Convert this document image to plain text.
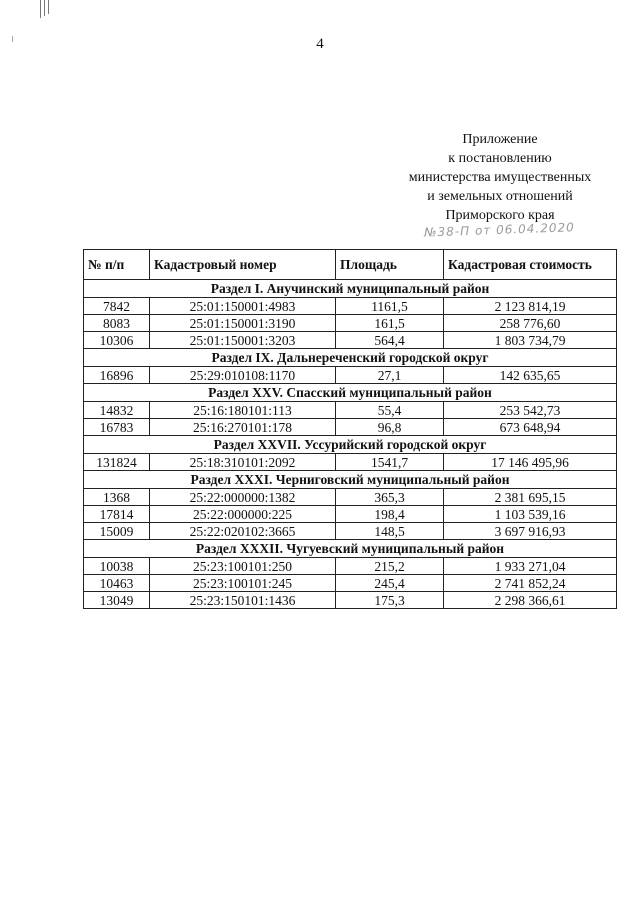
4
Приложение
к постановлению
министерства имущественных
и земельных отношений
Приморского края
№38-П от 06.04.2020
№ п/п	Кадастровый номер	Площадь	Кадастровая стоимость
Раздел I. Анучинский муниципальный район			
7842	25:01:150001:4983	1161,5	2 123 814,19
8083	25:01:150001:3190	161,5	258 776,60
10306	25:01:150001:3203	564,4	1 803 734,79
Раздел IX. Дальнереченский городской округ			
16896	25:29:010108:1170	27,1	142 635,65
Раздел XXV. Спасский муниципальный район			
14832	25:16:180101:113	55,4	253 542,73
16783	25:16:270101:178	96,8	673 648,94
Раздел XXVII. Уссурийский городской округ			
131824	25:18:310101:2092	1541,7	17 146 495,96
Раздел XXXI. Черниговский муниципальный район			
1368	25:22:000000:1382	365,3	2 381 695,15
17814	25:22:000000:225	198,4	1 103 539,16
15009	25:22:020102:3665	148,5	3 697 916,93
Раздел XXXII. Чугуевский муниципальный район			
10038	25:23:100101:250	215,2	1 933 271,04
10463	25:23:100101:245	245,4	2 741 852,24
13049	25:23:150101:1436	175,3	2 298 366,61
